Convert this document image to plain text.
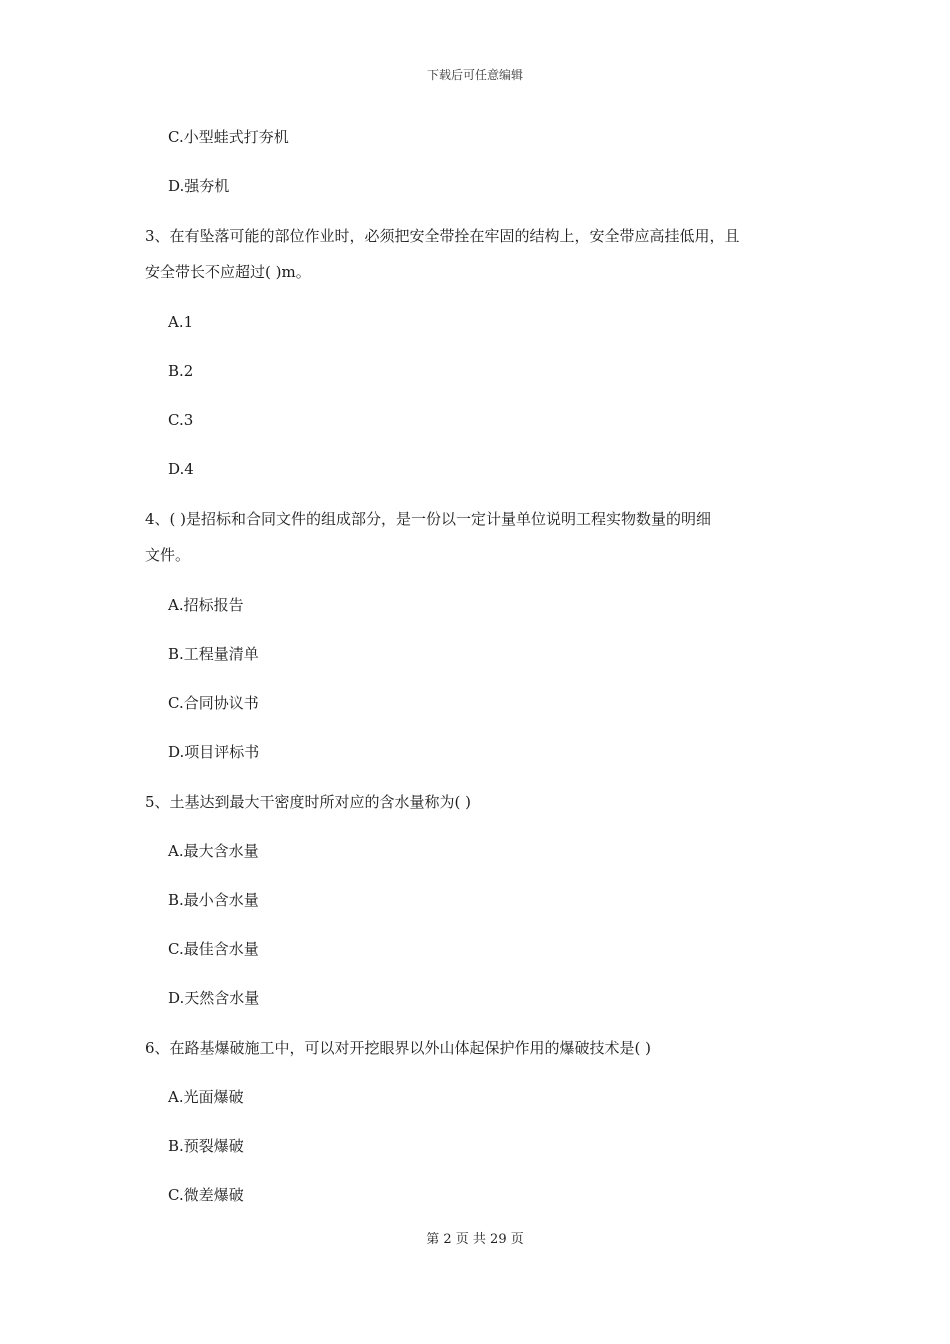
下载后可任意编辑
C.小型蛙式打夯机
D.强夯机
3、在有坠落可能的部位作业时，必须把安全带拴在牢固的结构上，安全带应高挂低用，且
安全带长不应超过( )m。
A.1
B.2
C.3
D.4
4、( )是招标和合同文件的组成部分，是一份以一定计量单位说明工程实物数量的明细
文件。
A.招标报告
B.工程量清单
C.合同协议书
D.项目评标书
5、土基达到最大干密度时所对应的含水量称为( )
A.最大含水量
B.最小含水量
C.最佳含水量
D.天然含水量
6、在路基爆破施工中，可以对开挖眼界以外山体起保护作用的爆破技术是( )
A.光面爆破
B.预裂爆破
C.微差爆破
第 2 页 共 29 页
